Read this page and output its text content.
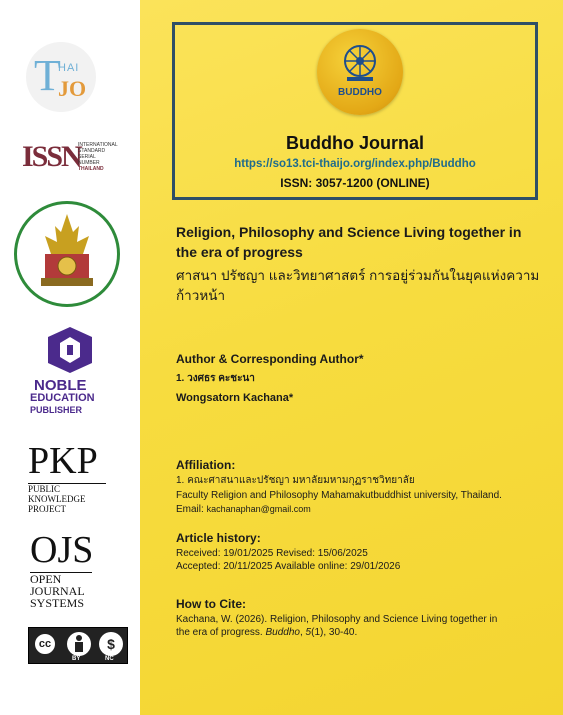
T
HAI
JO
ISSN
INTERNATIONAL
STANDARD
SERIAL
NUMBER
THAILAND
NOBLE
EDUCATION
PUBLISHER
PKP
PUBLIC
KNOWLEDGE
PROJECT
OJS
OPEN
JOURNAL
SYSTEMS
cc	$
BY	NC
BUDDHO
Buddho Journal
https://so13.tci-thaijo.org/index.php/Buddho
ISSN: 3057-1200 (ONLINE)
Religion, Philosophy and Science Living together in the era of progress
ศาสนา ปรัชญา และวิทยาศาสตร์ การอยู่ร่วมกันในยุคแห่งความก้าวหน้า
Author & Corresponding Author*
1. วงศธร คะชะนา
Wongsatorn Kachana*
Affiliation:
1. คณะศาสนาและปรัชญา มหาลัยมหามกุฏราชวิทยาลัย
Faculty Religion and Philosophy Mahamakutbuddhist university, Thailand.
Email: kachanaphan@gmail.com
Article history:
Received: 19/01/2025 Revised: 15/06/2025
Accepted: 20/11/2025 Available online: 29/01/2026
How to Cite:
Kachana, W. (2026). Religion, Philosophy and Science Living together in
the era of progress. Buddho, 5(1), 30-40.
